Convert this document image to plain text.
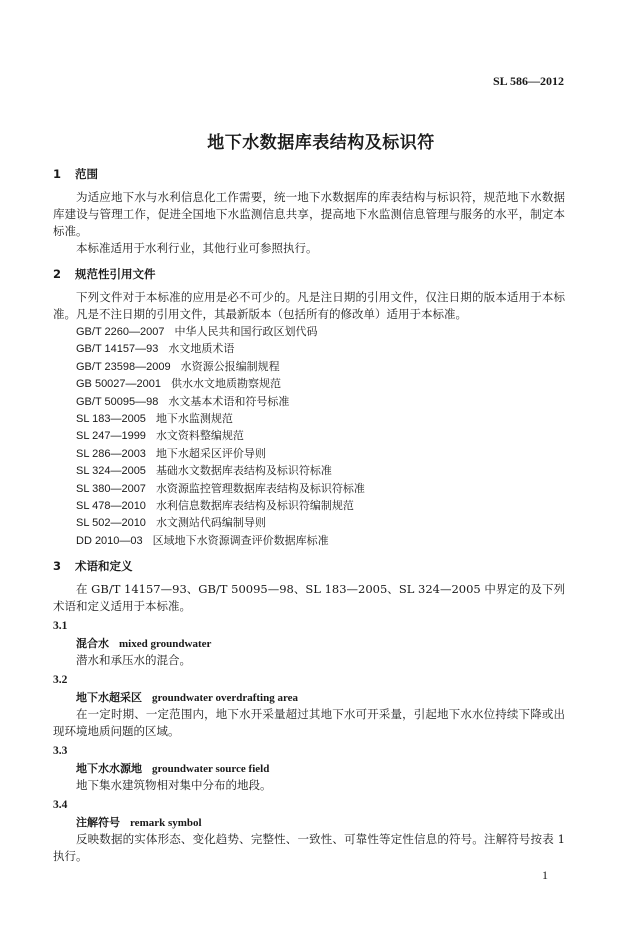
SL 586—2012
地下水数据库表结构及标识符
1 范围

为适应地下水与水利信息化工作需要，统一地下水数据库的库表结构与标识符，规范地下水数据库建设与管理工作，促进全国地下水监测信息共享，提高地下水监测信息管理与服务的水平，制定本标准。

本标准适用于水利行业，其他行业可参照执行。

2 规范性引用文件

下列文件对于本标准的应用是必不可少的。凡是注日期的引用文件，仅注日期的版本适用于本标准。凡是不注日期的引用文件，其最新版本（包括所有的修改单）适用于本标准。

GB/T 2260—2007 中华人民共和国行政区划代码
GB/T 14157—93 水文地质术语
GB/T 23598—2009 水资源公报编制规程
GB 50027—2001 供水水文地质勘察规范
GB/T 50095—98 水文基本术语和符号标准
SL 183—2005 地下水监测规范
SL 247—1999 水文资料整编规范
SL 286—2003 地下水超采区评价导则
SL 324—2005 基础水文数据库表结构及标识符标准
SL 380—2007 水资源监控管理数据库表结构及标识符标准
SL 478—2010 水利信息数据库表结构及标识符编制规范
SL 502—2010 水文测站代码编制导则
DD 2010—03 区域地下水资源调查评价数据库标准
3 术语和定义

在 GB/T 14157—93、GB/T 50095—98、SL 183—2005、SL 324—2005 中界定的及下列术语和定义适用于本标准。

3.1
混合水 mixed groundwater

潜水和承压水的混合。

3.2
地下水超采区 groundwater overdrafting area

在一定时期、一定范围内，地下水开采量超过其地下水可开采量，引起地下水水位持续下降或出现环境地质问题的区域。

3.3
地下水水源地 groundwater source field

地下集水建筑物相对集中分布的地段。

3.4
注解符号 remark symbol

反映数据的实体形态、变化趋势、完整性、一致性、可靠性等定性信息的符号。注解符号按表 1 执行。

1
